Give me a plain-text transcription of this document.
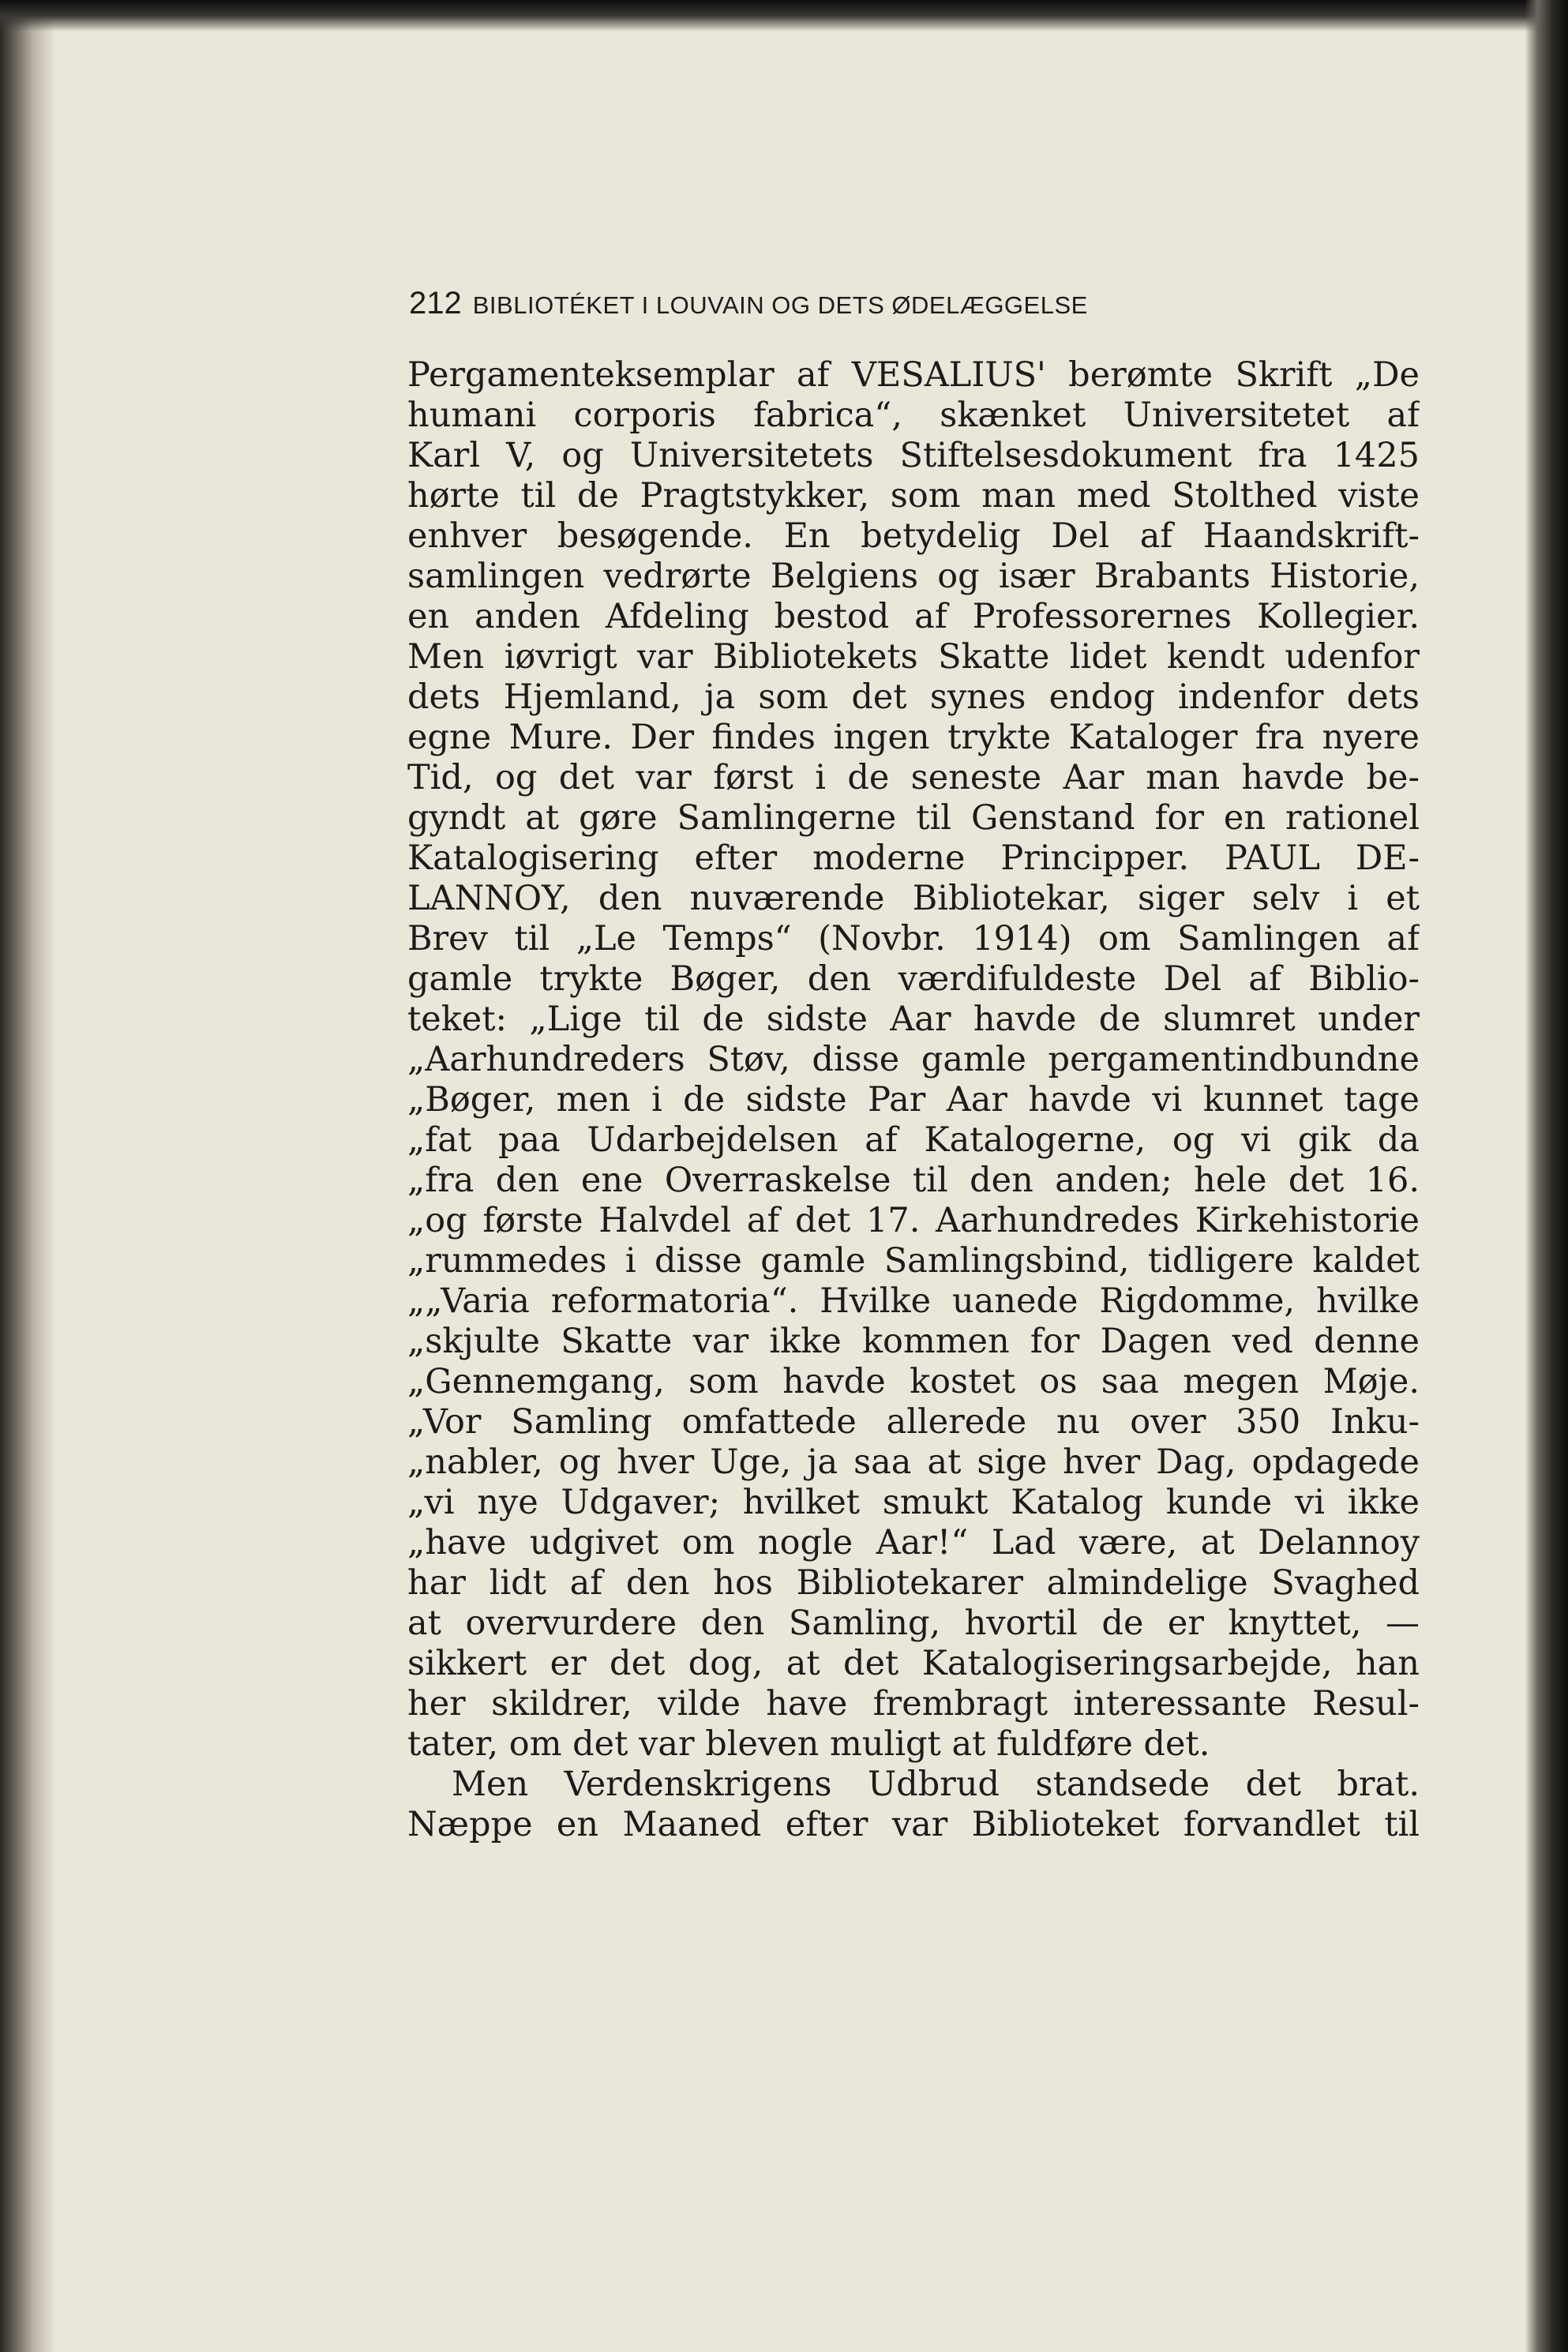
212 BIBLIOTÉKET I LOUVAIN OG DETS ØDELÆGGELSE
Pergamenteksemplar af VESALIUS' berømte Skrift „De
humani corporis fabrica“, skænket Universitetet af
Karl V, og Universitetets Stiftelsesdokument fra 1425
hørte til de Pragtstykker, som man med Stolthed viste
enhver besøgende. En betydelig Del af Haandskrift-
samlingen vedrørte Belgiens og især Brabants Historie,
en anden Afdeling bestod af Professorernes Kollegier.
Men iøvrigt var Bibliotekets Skatte lidet kendt udenfor
dets Hjemland, ja som det synes endog indenfor dets
egne Mure. Der findes ingen trykte Kataloger fra nyere
Tid, og det var først i de seneste Aar man havde be-
gyndt at gøre Samlingerne til Genstand for en rationel
Katalogisering efter moderne Principper. PAUL DE-
LANNOY, den nuværende Bibliotekar, siger selv i et
Brev til „Le Temps“ (Novbr. 1914) om Samlingen af
gamle trykte Bøger, den værdifuldeste Del af Biblio-
teket: „Lige til de sidste Aar havde de slumret under
„Aarhundreders Støv, disse gamle pergamentindbundne
„Bøger, men i de sidste Par Aar havde vi kunnet tage
„fat paa Udarbejdelsen af Katalogerne, og vi gik da
„fra den ene Overraskelse til den anden; hele det 16.
„og første Halvdel af det 17. Aarhundredes Kirkehistorie
„rummedes i disse gamle Samlingsbind, tidligere kaldet
„„Varia reformatoria“. Hvilke uanede Rigdomme, hvilke
„skjulte Skatte var ikke kommen for Dagen ved denne
„Gennemgang, som havde kostet os saa megen Møje.
„Vor Samling omfattede allerede nu over 350 Inku-
„nabler, og hver Uge, ja saa at sige hver Dag, opdagede
„vi nye Udgaver; hvilket smukt Katalog kunde vi ikke
„have udgivet om nogle Aar!“ Lad være, at Delannoy
har lidt af den hos Bibliotekarer almindelige Svaghed
at overvurdere den Samling, hvortil de er knyttet, —
sikkert er det dog, at det Katalogiseringsarbejde, han
her skildrer, vilde have frembragt interessante Resul-
tater, om det var bleven muligt at fuldføre det.
Men Verdenskrigens Udbrud standsede det brat.
Næppe en Maaned efter var Biblioteket forvandlet til
